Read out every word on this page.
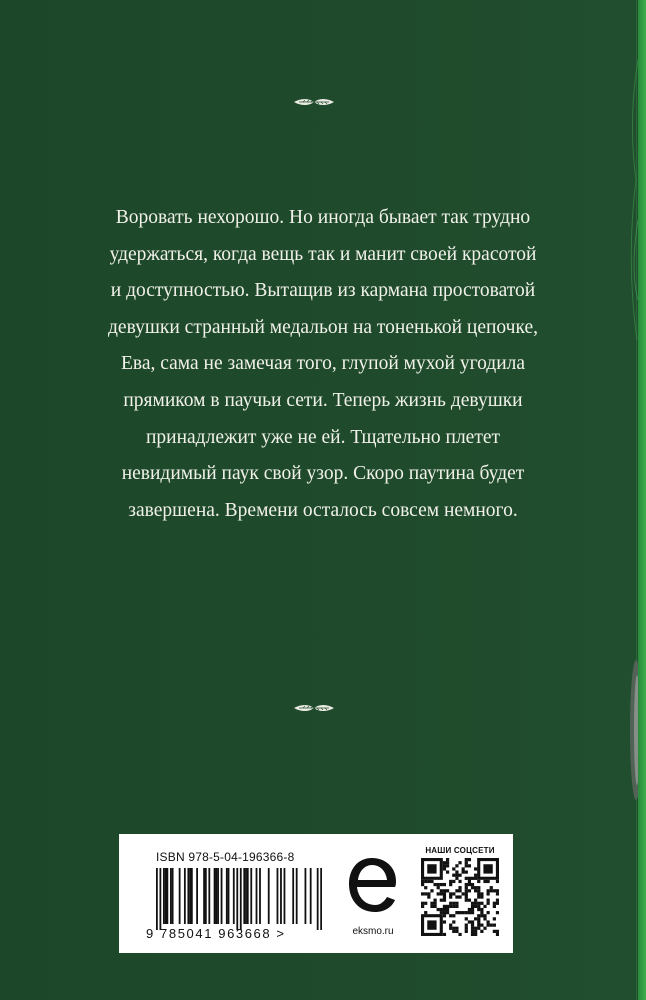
Воровать нехорошо. Но иногда бывает так трудно
удержаться, когда вещь так и манит своей красотой
и доступностью. Вытащив из кармана простоватой
девушки странный медальон на тоненькой цепочке,
Ева, сама не замечая того, глупой мухой угодила
прямиком в паучьи сети. Теперь жизнь девушки
принадлежит уже не ей. Тщательно плетет
невидимый паук свой узор. Скоро паутина будет
завершена. Времени осталось совсем немного.

ISBN 978-5-04-196366-8
9 785041 963668 >	eksmo.ru
НАШИ СОЦСЕТИ
